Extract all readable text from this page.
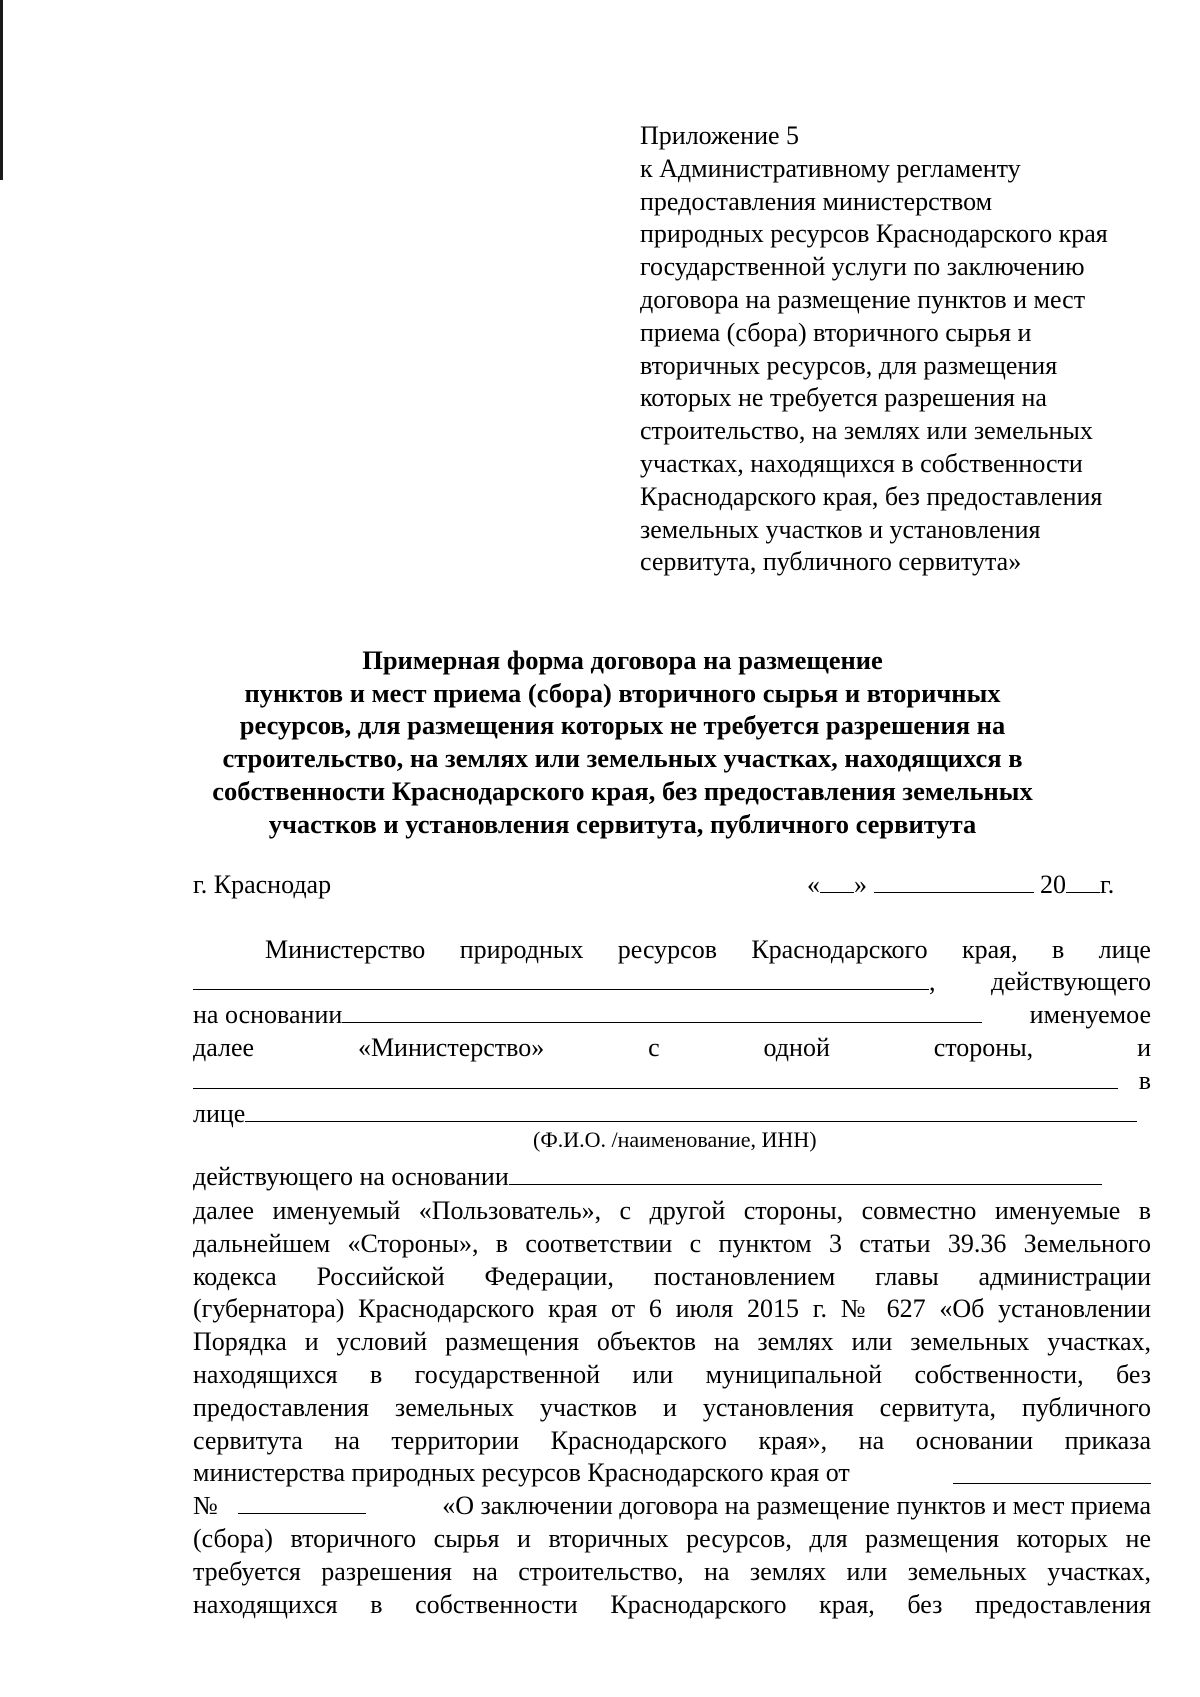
Приложение 5
к Административному регламенту
предоставления министерством
природных ресурсов Краснодарского края
государственной услуги по заключению
договора на размещение пунктов и мест
приема (сбора) вторичного сырья и
вторичных ресурсов, для размещения
которых не требуется разрешения на
строительство, на землях или земельных
участках, находящихся в собственности
Краснодарского края, без предоставления
земельных участков и установления
сервитута, публичного сервитута»
Примерная форма договора на размещение
пунктов и мест приема (сбора) вторичного сырья и вторичных
ресурсов, для размещения которых не требуется разрешения на
строительство, на землях или земельных участках, находящихся в
собственности Краснодарского края, без предоставления земельных
участков и установления сервитута, публичного сервитута
г. Краснодар	« »	20 г.
Министерство природных ресурсов Краснодарского края, в лице
, действующего
на основании	именуемое
далее	«Министерство»	с	одной	стороны,	и
в
лице
(Ф.И.О. /наименование, ИНН)
действующего на основании
далее именуемый «Пользователь», с другой стороны, совместно именуемые в
дальнейшем «Стороны», в соответствии с пунктом 3 статьи 39.36 Земельного
кодекса Российской Федерации, постановлением главы администрации
(губернатора) Краснодарского края от 6 июля 2015 г. № 627 «Об установлении
Порядка и условий размещения объектов на землях или земельных участках,
находящихся в государственной или муниципальной собственности, без
предоставления земельных участков и установления сервитута, публичного
сервитута на территории Краснодарского края», на основании приказа
министерства природных ресурсов Краснодарского края от
№	«О заключении договора на размещение пунктов и мест приема
(сбора) вторичного сырья и вторичных ресурсов, для размещения которых не
требуется разрешения на строительство, на землях или земельных участках,
находящихся в собственности Краснодарского края, без предоставления
